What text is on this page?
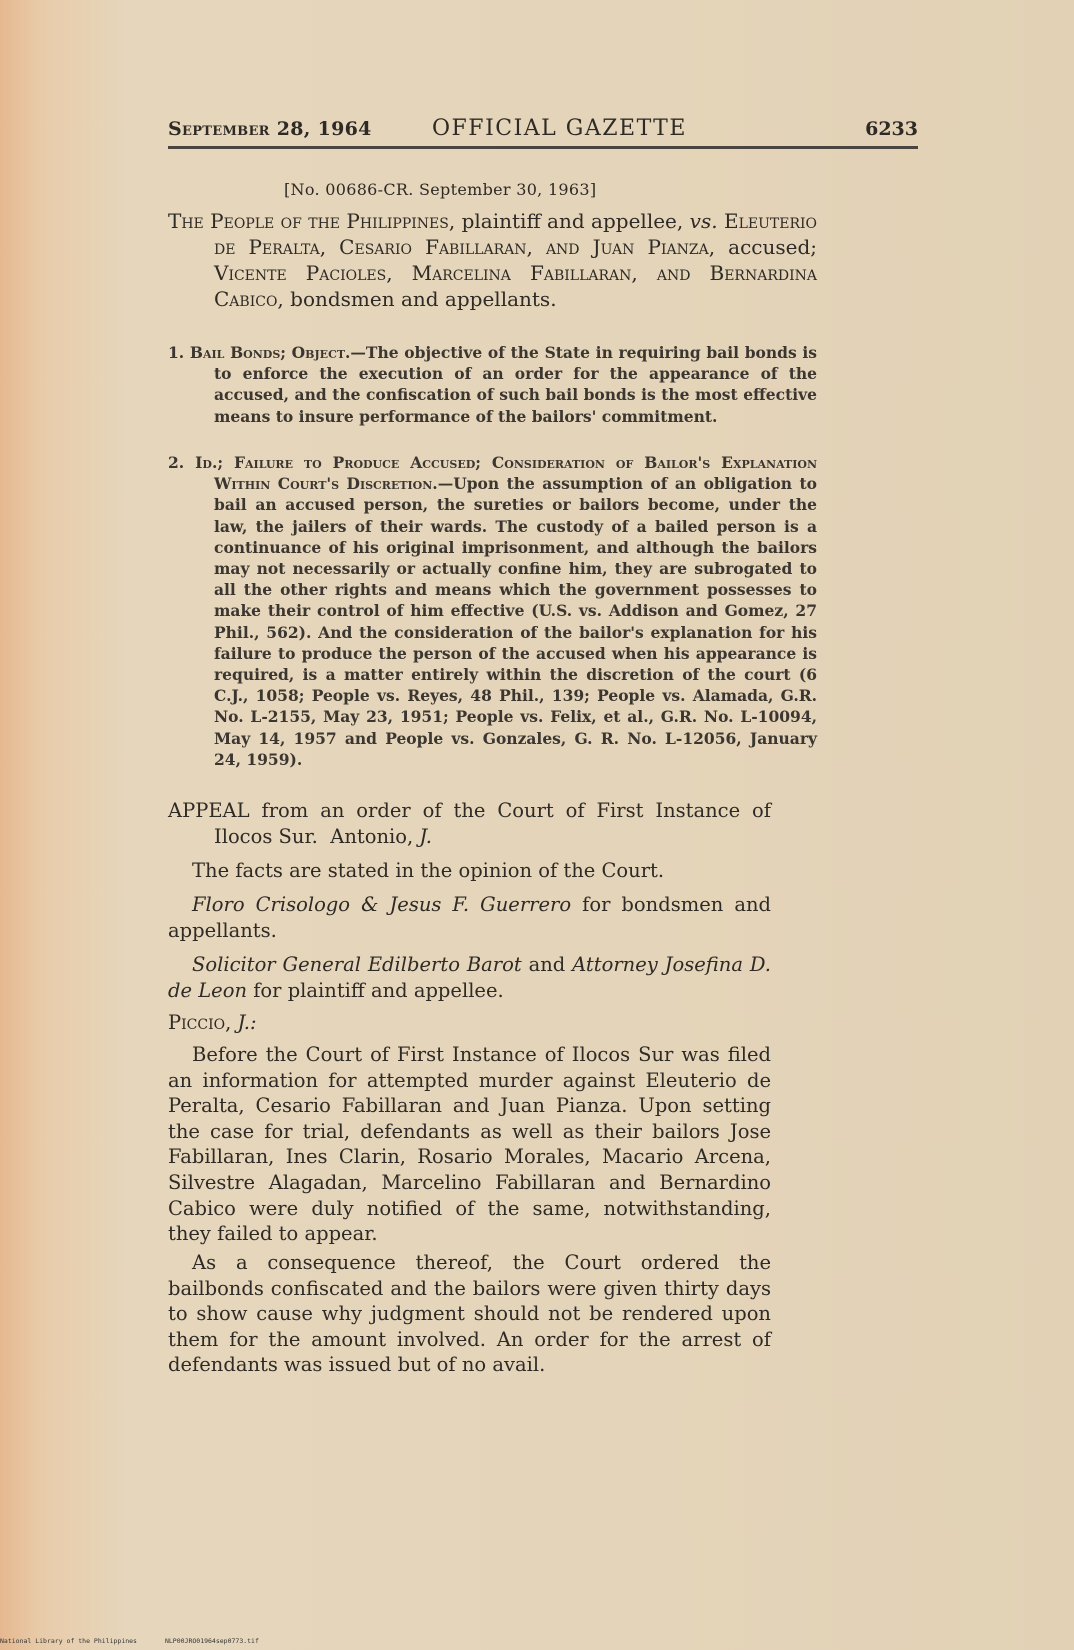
September 28, 1964	OFFICIAL GAZETTE	6233
[No. 00686-CR. September 30, 1963]
The People of the Philippines, plaintiff and appellee, vs. Eleuterio de Peralta, Cesario Fabillaran, and Juan Pianza, accused; Vicente Pacioles, Marcelina Fabillaran, and Bernardina Cabico, bondsmen and appellants.
1. Bail Bonds; Object.—The objective of the State in requiring bail bonds is to enforce the execution of an order for the appearance of the accused, and the confiscation of such bail bonds is the most effective means to insure performance of the bailors' commitment.
2. Id.; Failure to Produce Accused; Consideration of Bailor's Explanation Within Court's Discretion.—Upon the assumption of an obligation to bail an accused person, the sureties or bailors become, under the law, the jailers of their wards. The custody of a bailed person is a continuance of his original imprisonment, and although the bailors may not necessarily or actually confine him, they are subrogated to all the other rights and means which the government possesses to make their control of him effective (U.S. vs. Addison and Gomez, 27 Phil., 562). And the consideration of the bailor's explanation for his failure to produce the person of the accused when his appearance is required, is a matter entirely within the discretion of the court (6 C.J., 1058; People vs. Reyes, 48 Phil., 139; People vs. Alamada, G.R. No. L-2155, May 23, 1951; People vs. Felix, et al., G.R. No. L-10094, May 14, 1957 and People vs. Gonzales, G. R. No. L-12056, January 24, 1959).
APPEAL from an order of the Court of First Instance of Ilocos Sur. Antonio, J.
The facts are stated in the opinion of the Court.
Floro Crisologo & Jesus F. Guerrero for bondsmen and appellants.
Solicitor General Edilberto Barot and Attorney Josefina D. de Leon for plaintiff and appellee.
Piccio, J.:
Before the Court of First Instance of Ilocos Sur was filed an information for attempted murder against Eleuterio de Peralta, Cesario Fabillaran and Juan Pianza. Upon setting the case for trial, defendants as well as their bailors Jose Fabillaran, Ines Clarin, Rosario Morales, Macario Arcena, Silvestre Alagadan, Marcelino Fabillaran and Bernardino Cabico were duly notified of the same, notwithstanding, they failed to appear.
As a consequence thereof, the Court ordered the bailbonds confiscated and the bailors were given thirty days to show cause why judgment should not be rendered upon them for the amount involved. An order for the arrest of defendants was issued but of no avail.
National Library of the Philippines	NLP00JRO01964sep0773.tif
